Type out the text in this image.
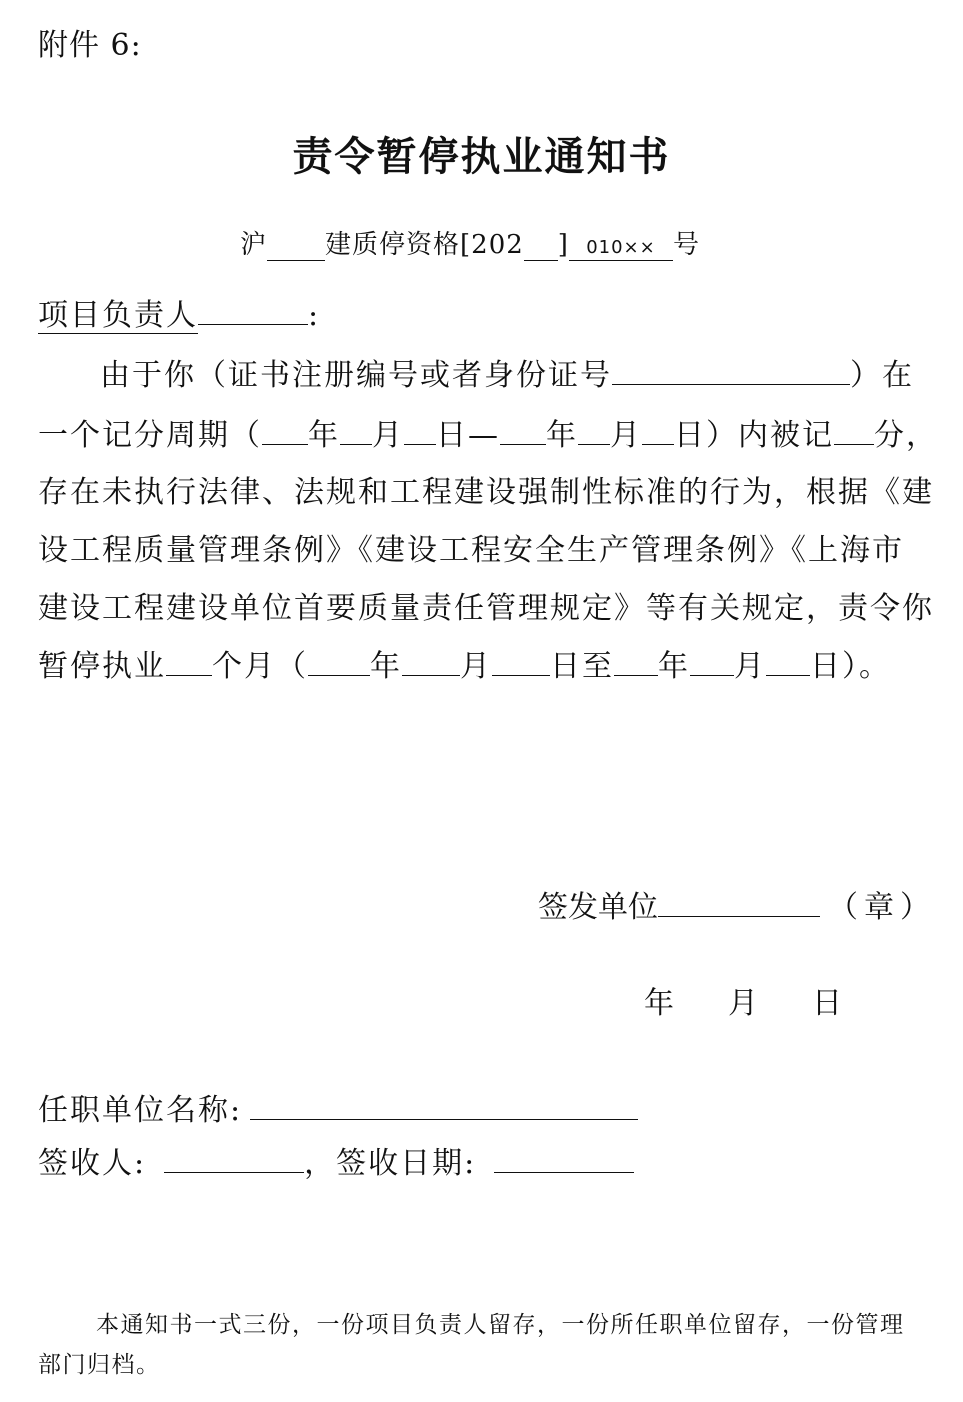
附件 6:
责令暂停执业通知书
沪 建质停资格[202 ] 010×× 号
项目负责人	:
由于你（证书注册编号或者身份证号	）在
一个记分周期（ 年 月 日— 年 月 日）内被记 分，
存在未执行法律、法规和工程建设强制性标准的行为，根据《建
设工程质量管理条例》《建设工程安全生产管理条例》《上海市
建设工程建设单位首要质量责任管理规定》等有关规定，责令你
暂停执业 个月（ 年 月 日至 年 月 日）。
签发单位	（章）
年 月 日
任职单位名称:
签收人:	，签收日期:
本通知书一式三份，一份项目负责人留存，一份所任职单位留存，一份管理部门归档。
